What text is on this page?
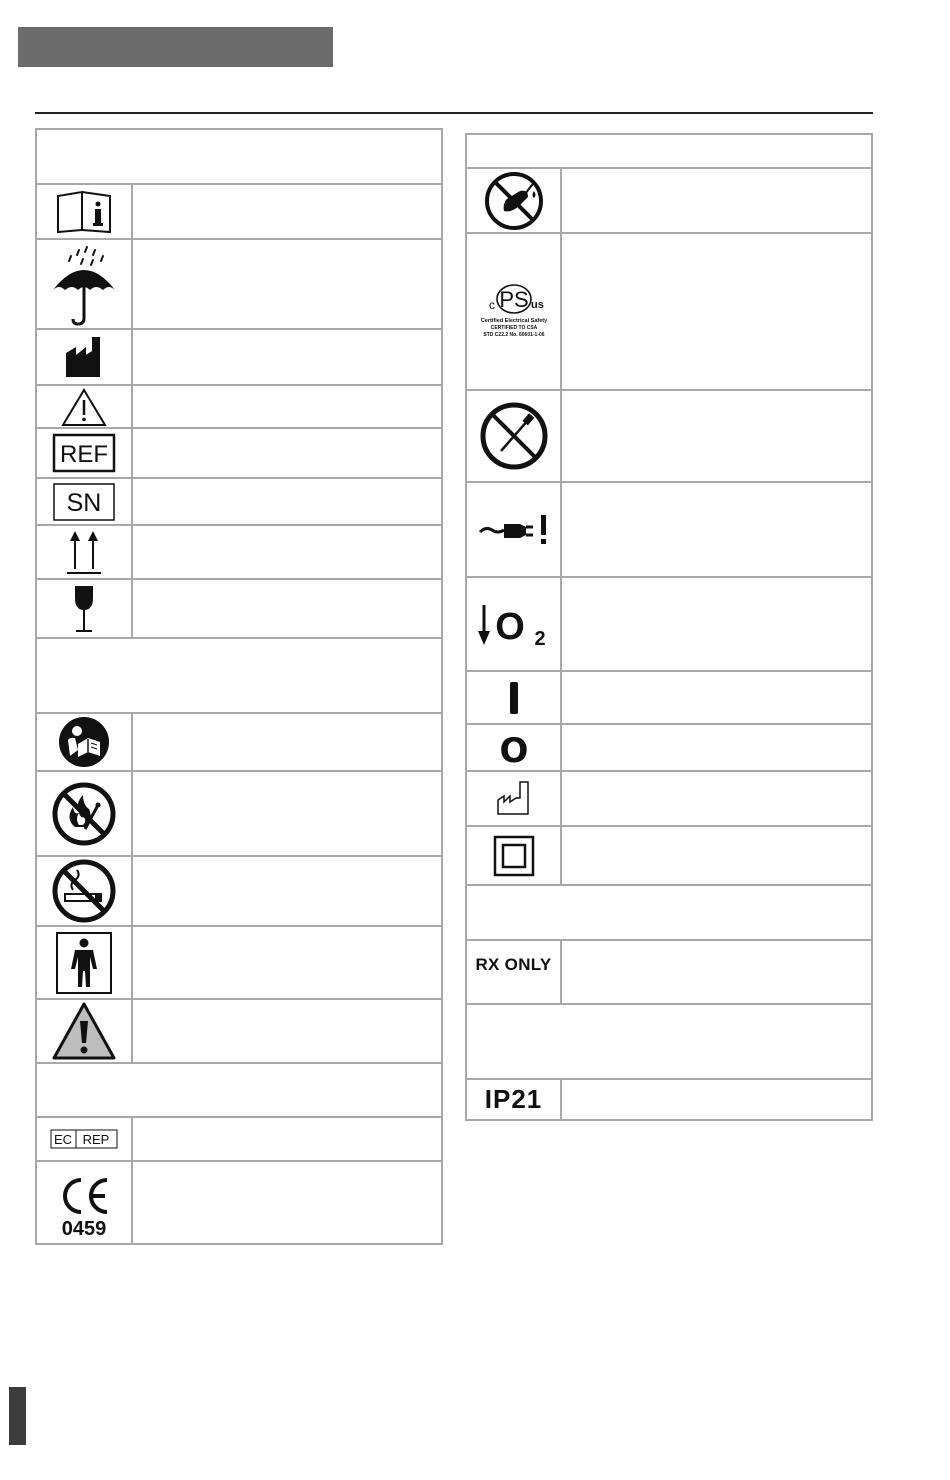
REF
SN
EC REP
0459
PS
c	us
Certified Electrical Safety
CERTIFIED TO CSA
STD C22.2 No. 60601-1-06
O 2
I
O
RX ONLY
IP21
